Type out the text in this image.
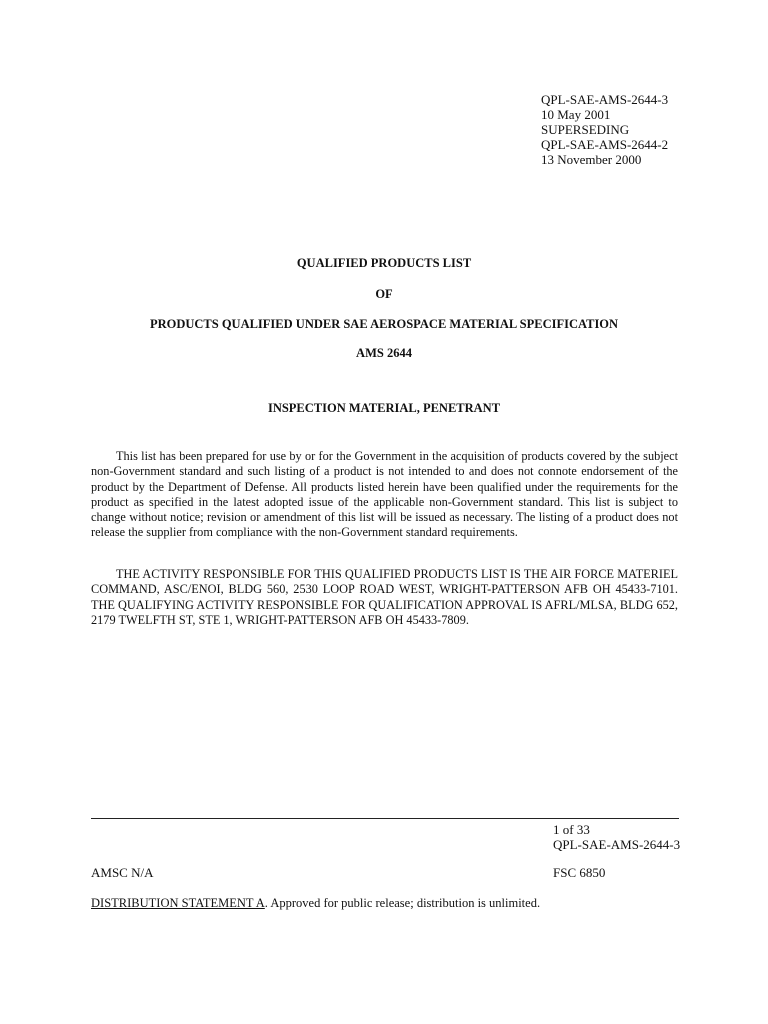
QPL-SAE-AMS-2644-3
10 May 2001
SUPERSEDING
QPL-SAE-AMS-2644-2
13 November 2000
QUALIFIED PRODUCTS LIST
OF
PRODUCTS QUALIFIED UNDER SAE AEROSPACE MATERIAL SPECIFICATION
AMS 2644
INSPECTION MATERIAL, PENETRANT
This list has been prepared for use by or for the Government in the acquisition of products covered by the subject non-Government standard and such listing of a product is not intended to and does not connote endorsement of the product by the Department of Defense. All products listed herein have been qualified under the requirements for the product as specified in the latest adopted issue of the applicable non-Government standard. This list is subject to change without notice; revision or amendment of this list will be issued as necessary. The listing of a product does not release the supplier from compliance with the non-Government standard requirements.
THE ACTIVITY RESPONSIBLE FOR THIS QUALIFIED PRODUCTS LIST IS THE AIR FORCE MATERIEL COMMAND, ASC/ENOI, BLDG 560, 2530 LOOP ROAD WEST, WRIGHT-PATTERSON AFB OH 45433-7101. THE QUALIFYING ACTIVITY RESPONSIBLE FOR QUALIFICATION APPROVAL IS AFRL/MLSA, BLDG 652, 2179 TWELFTH ST, STE 1, WRIGHT-PATTERSON AFB OH 45433-7809.
1 of 33
QPL-SAE-AMS-2644-3
AMSC N/A	FSC 6850
DISTRIBUTION STATEMENT A. Approved for public release; distribution is unlimited.
